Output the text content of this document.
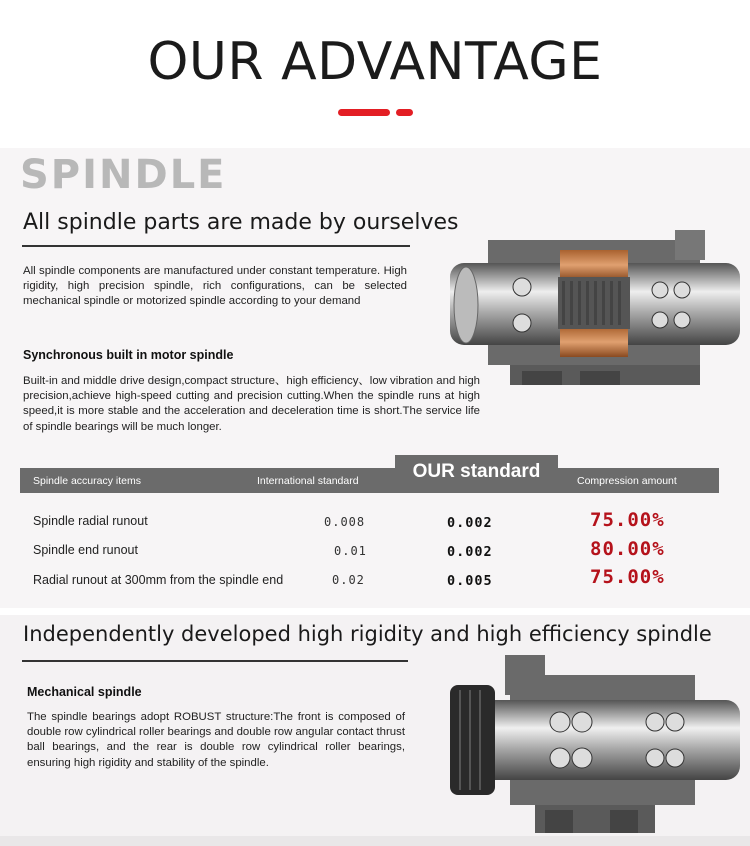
OUR ADVANTAGE
SPINDLE
All spindle parts are made by ourselves
All spindle components are manufactured under constant temperature. High rigidity, high precision spindle, rich configurations, can be selected mechanical spindle or motorized spindle according to your demand
Synchronous built in motor spindle
Built-in and middle drive design,compact structure、high efficiency、low vibration and high precision,achieve high-speed cutting and precision cutting.When the spindle runs at high speed,it is more stable and the acceleration and deceleration time is short.The service life of spindle bearings will be much longer.
Spindle accuracy items	International standard	OUR standard	Compression amount
Spindle radial runout	0.008	0.002	75.00%
Spindle end runout	0.01	0.002	80.00%
Radial runout at 300mm from the spindle end	0.02	0.005	75.00%
Independently developed high rigidity and high efficiency spindle
Mechanical spindle
The spindle bearings adopt ROBUST structure:The front is composed of double row cylindrical roller bearings and double row angular contact thrust ball bearings, and the rear is double row cylindrical roller bearings, ensuring high rigidity and stability of the spindle.
